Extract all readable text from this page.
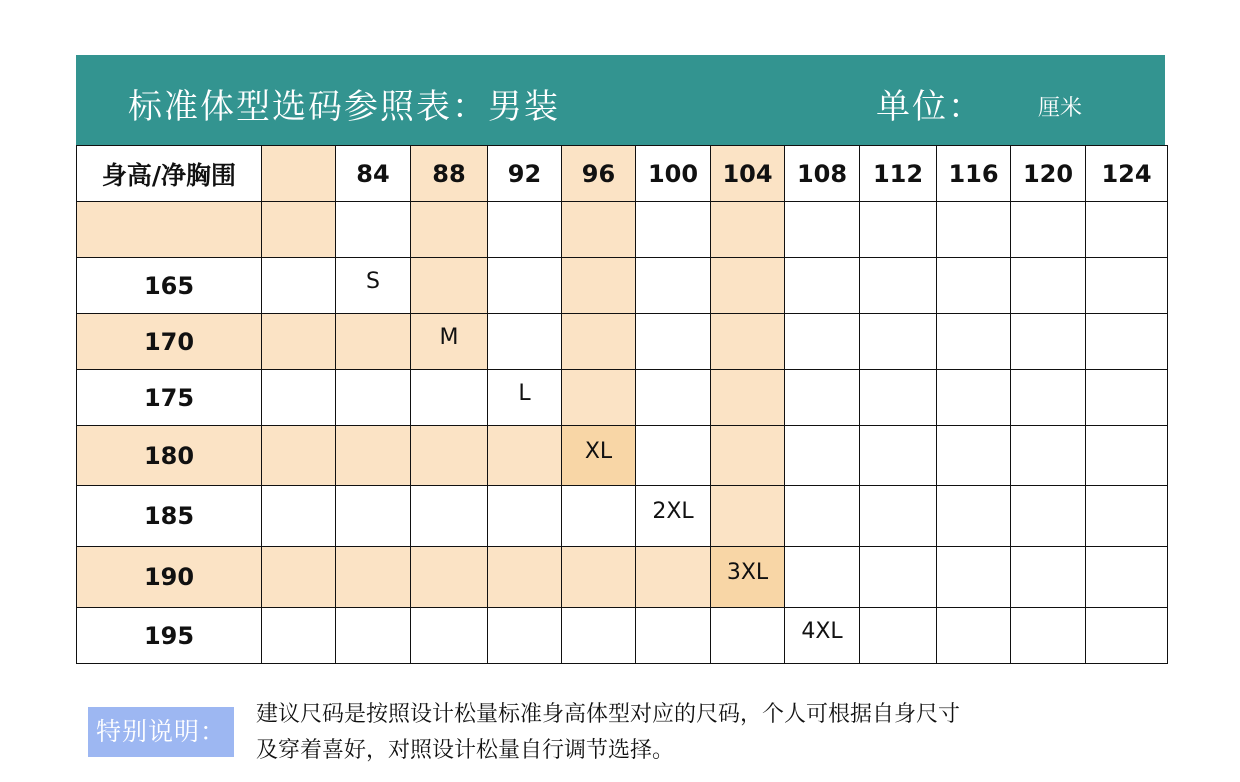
标准体型选码参照表：男装	单位： 厘米
身高/净胸围		84	88	92	96	100	104	108	112	116	120	124

165		S										
170			M									
175				L								
180					XL							
185						2XL						
190							3XL					
195								4XL				
特别说明：
建议尺码是按照设计松量标准身高体型对应的尺码，个人可根据自身尺寸
及穿着喜好，对照设计松量自行调节选择。
